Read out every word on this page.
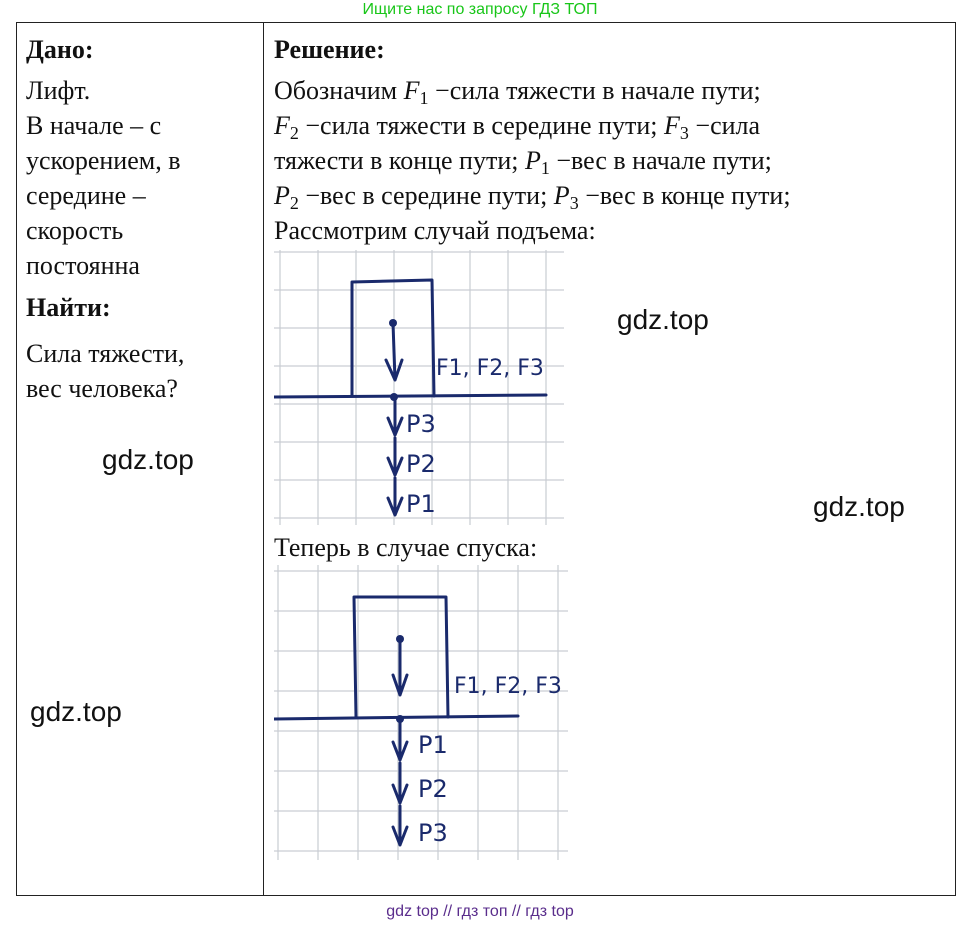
Ищите нас по запросу ГДЗ ТОП
Дано:
Лифт.
В начале – с
ускорением, в
середине –
скорость
постоянна
Найти:
Сила тяжести,
вес человека?
Решение:
Обозначим $F_1$ −сила тяжести в начале пути;
$F_2$ −сила тяжести в середине пути; $F_3$ −сила
тяжести в конце пути; $P_1 -вес$ в начале пути;
$P_2 -вес$ в середине пути; $P_3 -вес$ в конце пути;
Рассмотрим случай подъема:
Теперь в случае спуска:
F1, F2, F3
P3
P2
P1
F1, F2, F3
P1
P2
P3
gdz.top
gdz.top
gdz.top
gdz.top
gdz top // гдз топ // гдз top
